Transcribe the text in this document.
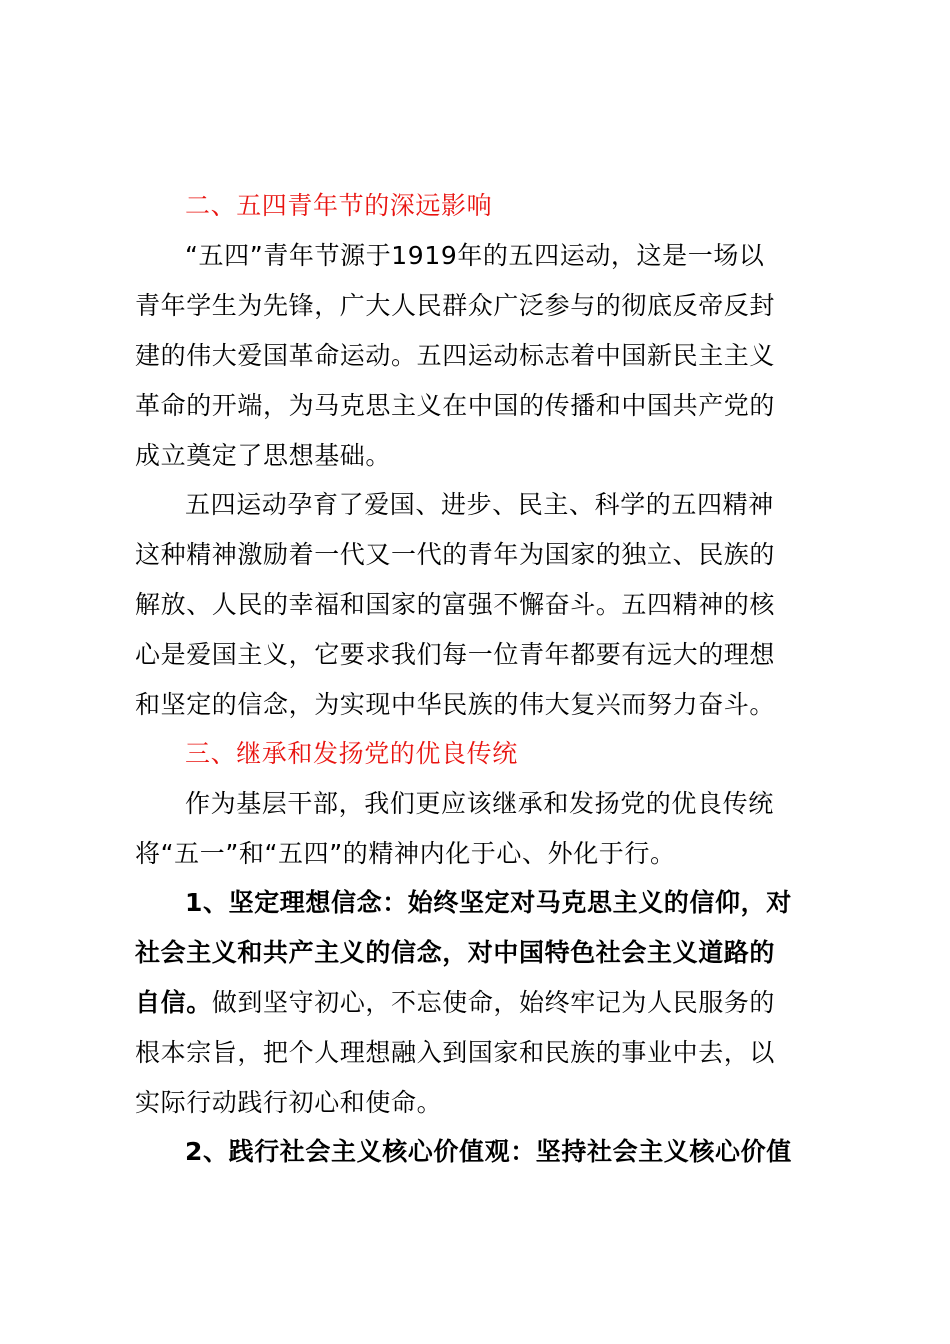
二、五四青年节的深远影响
“五四”青年节源于1919年的五四运动，这是一场以
青年学生为先锋，广大人民群众广泛参与的彻底反帝反封
建的伟大爱国革命运动。五四运动标志着中国新民主主义
革命的开端，为马克思主义在中国的传播和中国共产党的
成立奠定了思想基础。
五四运动孕育了爱国、进步、民主、科学的五四精神
这种精神激励着一代又一代的青年为国家的独立、民族的
解放、人民的幸福和国家的富强不懈奋斗。五四精神的核
心是爱国主义，它要求我们每一位青年都要有远大的理想
和坚定的信念，为实现中华民族的伟大复兴而努力奋斗。
三、继承和发扬党的优良传统
作为基层干部，我们更应该继承和发扬党的优良传统
将“五一”和“五四”的精神内化于心、外化于行。
1、坚定理想信念：始终坚定对马克思主义的信仰，对
社会主义和共产主义的信念，对中国特色社会主义道路的
自信。做到坚守初心，不忘使命，始终牢记为人民服务的
根本宗旨，把个人理想融入到国家和民族的事业中去，以
实际行动践行初心和使命。
2、践行社会主义核心价值观：坚持社会主义核心价值
